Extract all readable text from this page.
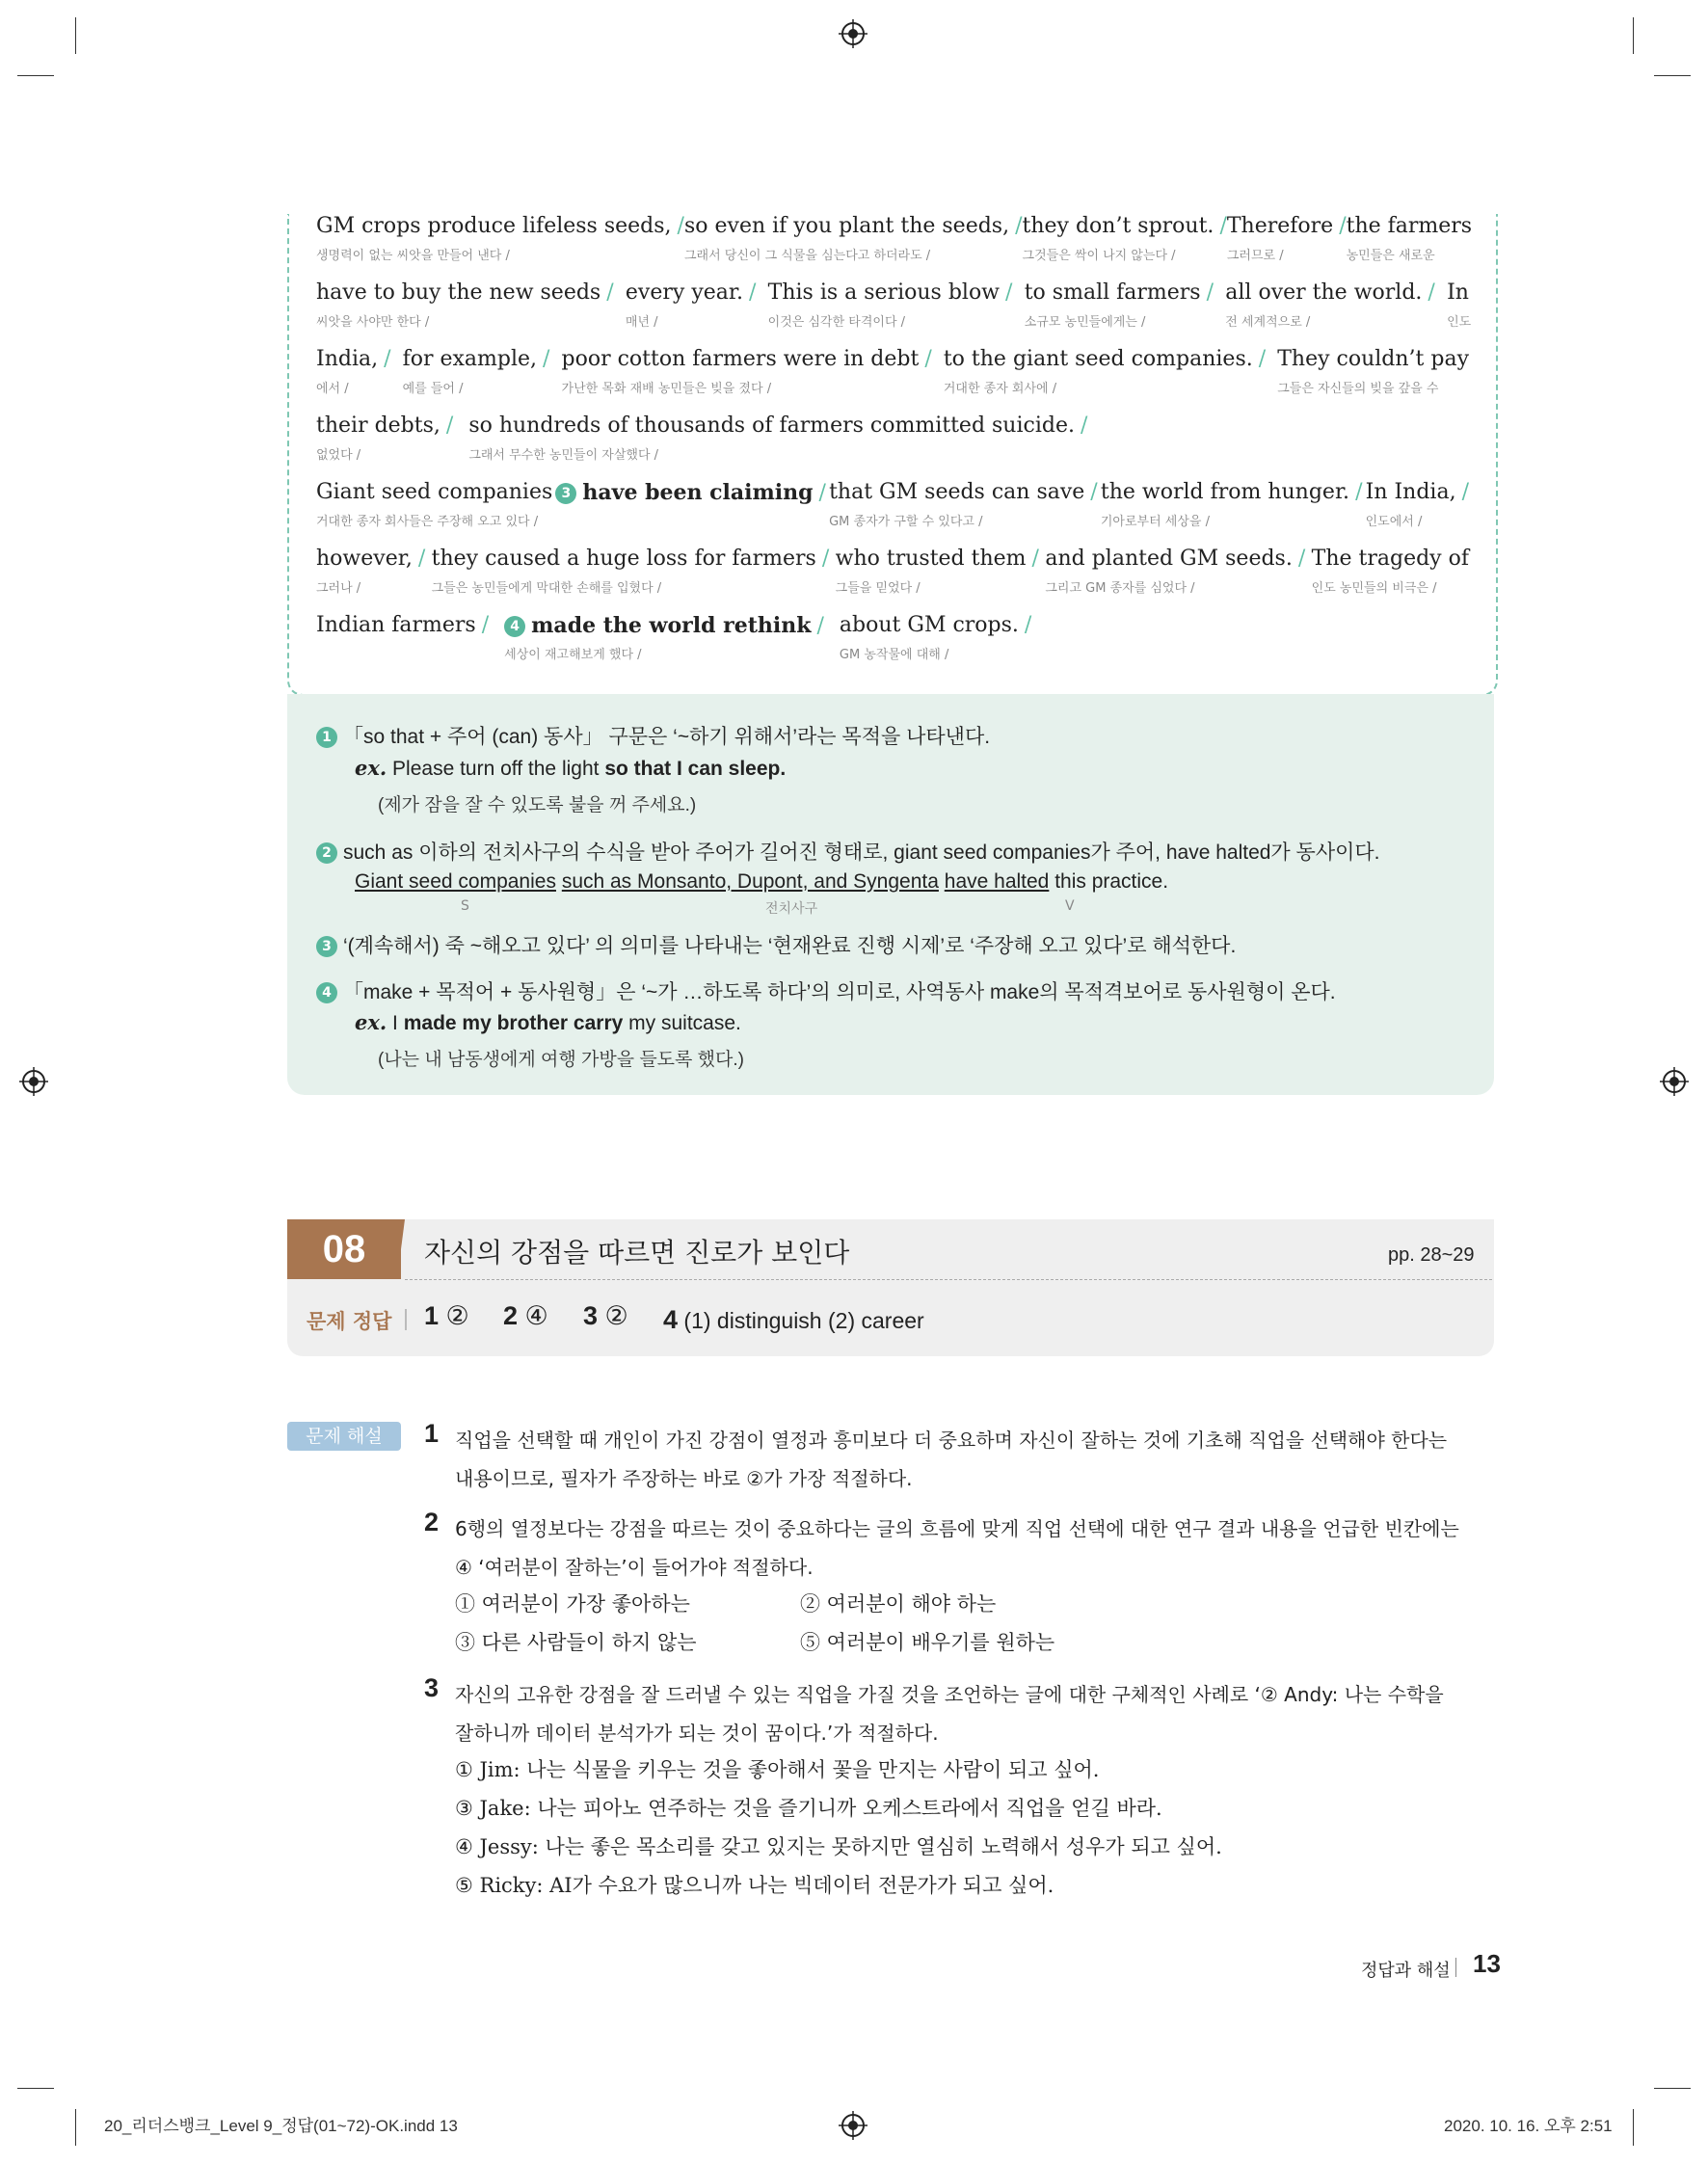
GM crops produce lifeless seeds, /
생명력이 없는 씨앗을 만들어 낸다 /
so even if you plant the seeds, /
그래서 당신이 그 식물을 심는다고 하더라도 /
they don’t sprout. /
그것들은 싹이 나지 않는다 /
Therefore /
그러므로 /
the farmers
농민들은 새로운
have to buy the new seeds /
씨앗을 사야만 한다 /
every year. /
매년 /
This is a serious blow /
이것은 심각한 타격이다 /
to small farmers /
소규모 농민들에게는 /
all over the world. /
전 세계적으로 /
In
인도
India, /
에서 /
for example, /
예를 들어 /
poor cotton farmers were in debt /
가난한 목화 재배 농민들은 빚을 졌다 /
to the giant seed companies. /
거대한 종자 회사에 /
They couldn’t pay
그들은 자신들의 빚을 갚을 수
their debts, /
없었다 /
so hundreds of thousands of farmers committed suicide. /
그래서 무수한 농민들이 자살했다 /
Giant seed companies
거대한 종자 회사들은 주장해 오고 있다 /
3 have been claiming / that GM seeds can save /
GM 종자가 구할 수 있다고 /
the world from hunger. /
기아로부터 세상을 /
In India, /
인도에서 /
however, /
그러나 /
they caused a huge loss for farmers /
그들은 농민들에게 막대한 손해를 입혔다 /
who trusted them /
그들을 믿었다 /
and planted GM seeds. /
그리고 GM 종자를 심었다 /
The tragedy of
인도 농민들의 비극은 /
Indian farmers /	4 made the world rethink /
세상이 재고해보게 했다 /
about GM crops. /
GM 농작물에 대해 /
1 「so that + 주어 (can) 동사」 구문은 ‘~하기 위해서’라는 목적을 나타낸다.
ex. Please turn off the light so that I can sleep.
(제가 잠을 잘 수 있도록 불을 꺼 주세요.)
2 such as 이하의 전치사구의 수식을 받아 주어가 길어진 형태로, giant seed companies가 주어, have halted가 동사이다.
Giant seed companies such as Monsanto, Dupont, and Syngenta have halted this practice.
S	전치사구	V
3 ‘(계속해서) 죽 ~해오고 있다’ 의 의미를 나타내는 ‘현재완료 진행 시제’로 ‘주장해 오고 있다’로 해석한다.
4 「make + 목적어 + 동사원형」은 ‘~가 …하도록 하다’의 의미로, 사역동사 make의 목적격보어로 동사원형이 온다.
ex. I made my brother carry my suitcase.
(나는 내 남동생에게 여행 가방을 들도록 했다.)
08	자신의 강점을 따르면 진로가 보인다	pp. 28~29
문제 정답 1 ② 2 ④ 3 ② 4 (1) distinguish (2) career
문제 해설	1 직업을 선택할 때 개인이 가진 강점이 열정과 흥미보다 더 중요하며 자신이 잘하는 것에 기초해 직업을 선택해야 한다는
내용이므로, 필자가 주장하는 바로 ②가 가장 적절하다.
2 6행의 열정보다는 강점을 따르는 것이 중요하다는 글의 흐름에 맞게 직업 선택에 대한 연구 결과 내용을 언급한 빈칸에는
④ ‘여러분이 잘하는’이 들어가야 적절하다.
① 여러분이 가장 좋아하는	② 여러분이 해야 하는
③ 다른 사람들이 하지 않는	⑤ 여러분이 배우기를 원하는
3 자신의 고유한 강점을 잘 드러낼 수 있는 직업을 가질 것을 조언하는 글에 대한 구체적인 사례로 ‘② Andy: 나는 수학을
잘하니까 데이터 분석가가 되는 것이 꿈이다.’가 적절하다.
① Jim: 나는 식물을 키우는 것을 좋아해서 꽃을 만지는 사람이 되고 싶어.
③ Jake: 나는 피아노 연주하는 것을 즐기니까 오케스트라에서 직업을 얻길 바라.
④ Jessy: 나는 좋은 목소리를 갖고 있지는 못하지만 열심히 노력해서 성우가 되고 싶어.
⑤ Ricky: AI가 수요가 많으니까 나는 빅데이터 전문가가 되고 싶어.
정답과 해설 13
20_리더스뱅크_Level 9_정답(01~72)-OK.indd 13	2020. 10. 16. 오후 2:51
